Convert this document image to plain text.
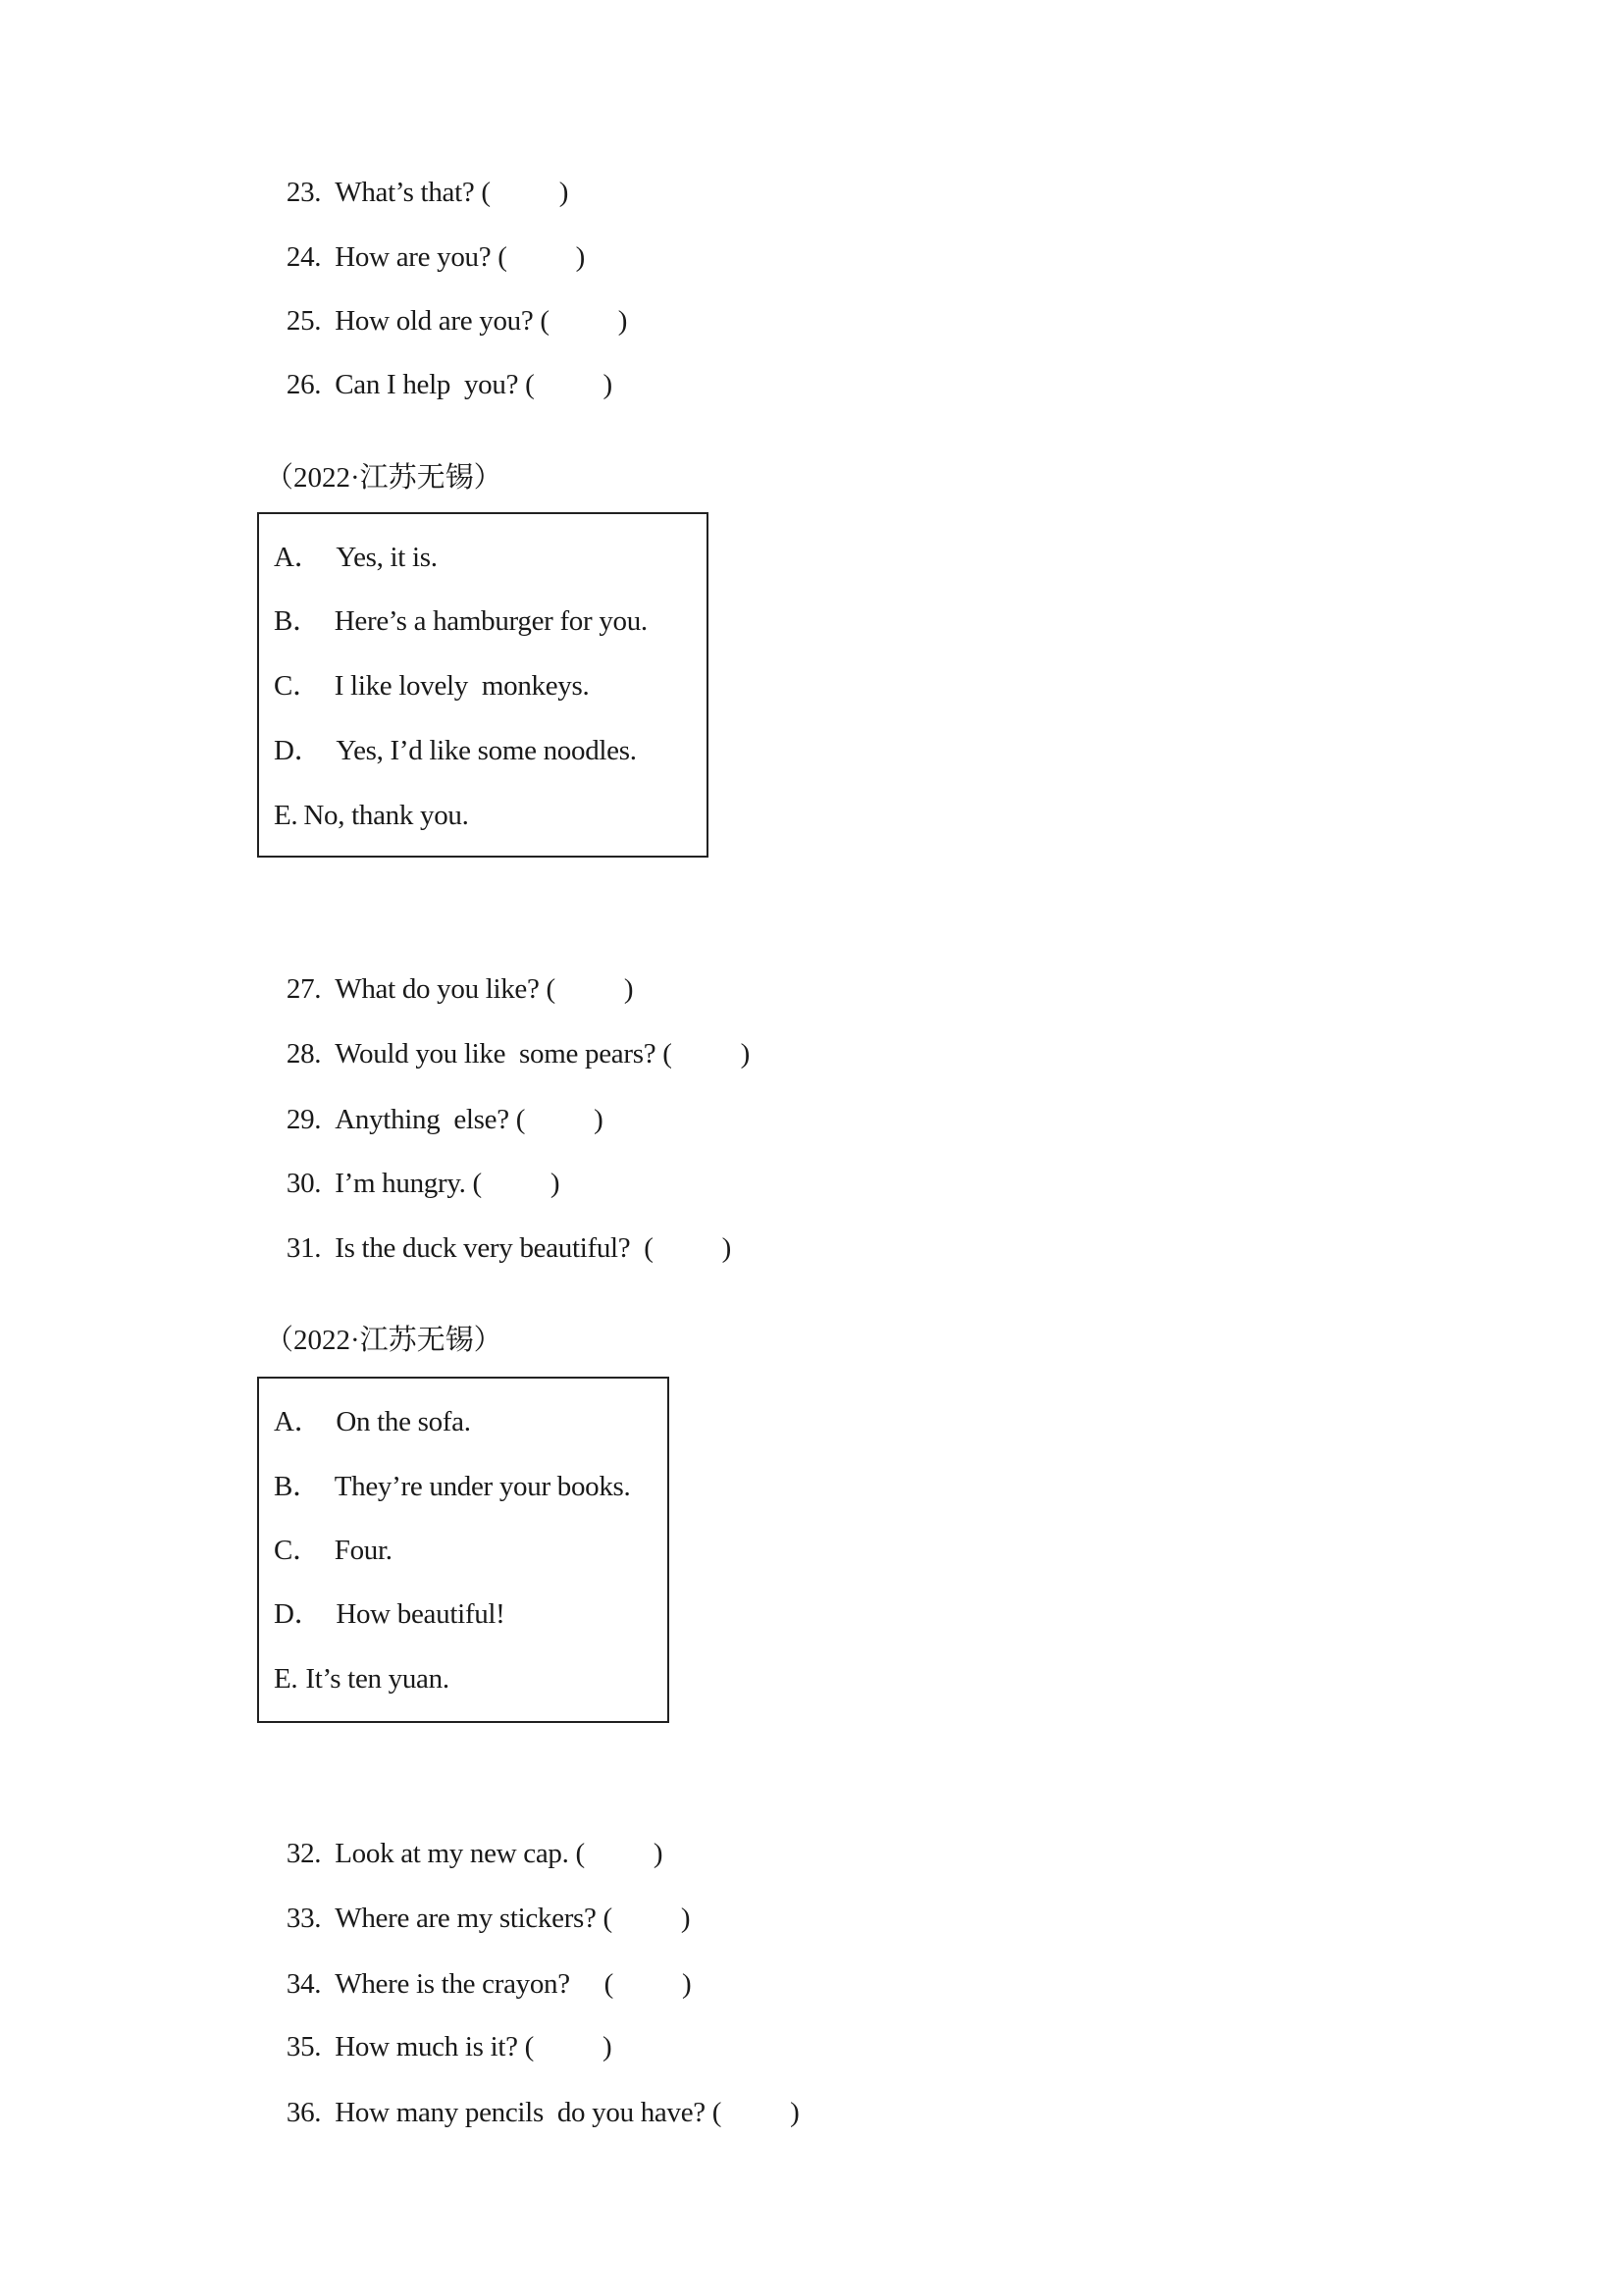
23. What’s that? ( )

24. How are you? ( )

25. How old are you? ( )

26. Can I help  you? ( )

（2022·江苏无锡）
A． Yes, it is.
B． Here’s a hamburger for you.
C． I like lovely  monkeys.
D． Yes, I’d like some noodles.
E. No, thank you.

27. What do you like? ( )

28. Would you like  some pears? ( )

29. Anything  else? ( )

30. I’m hungry. ( )

31. Is the duck very beautiful?  ( )

（2022·江苏无锡）
A． On the sofa.
B． They’re under your books.
C． Four.
D． How beautiful!
E. It’s ten yuan.

32. Look at my new cap. ( )

33. Where are my stickers? ( )

34. Where is the crayon?     ( )

35. How much is it? ( )

36. How many pencils  do you have? ( )
